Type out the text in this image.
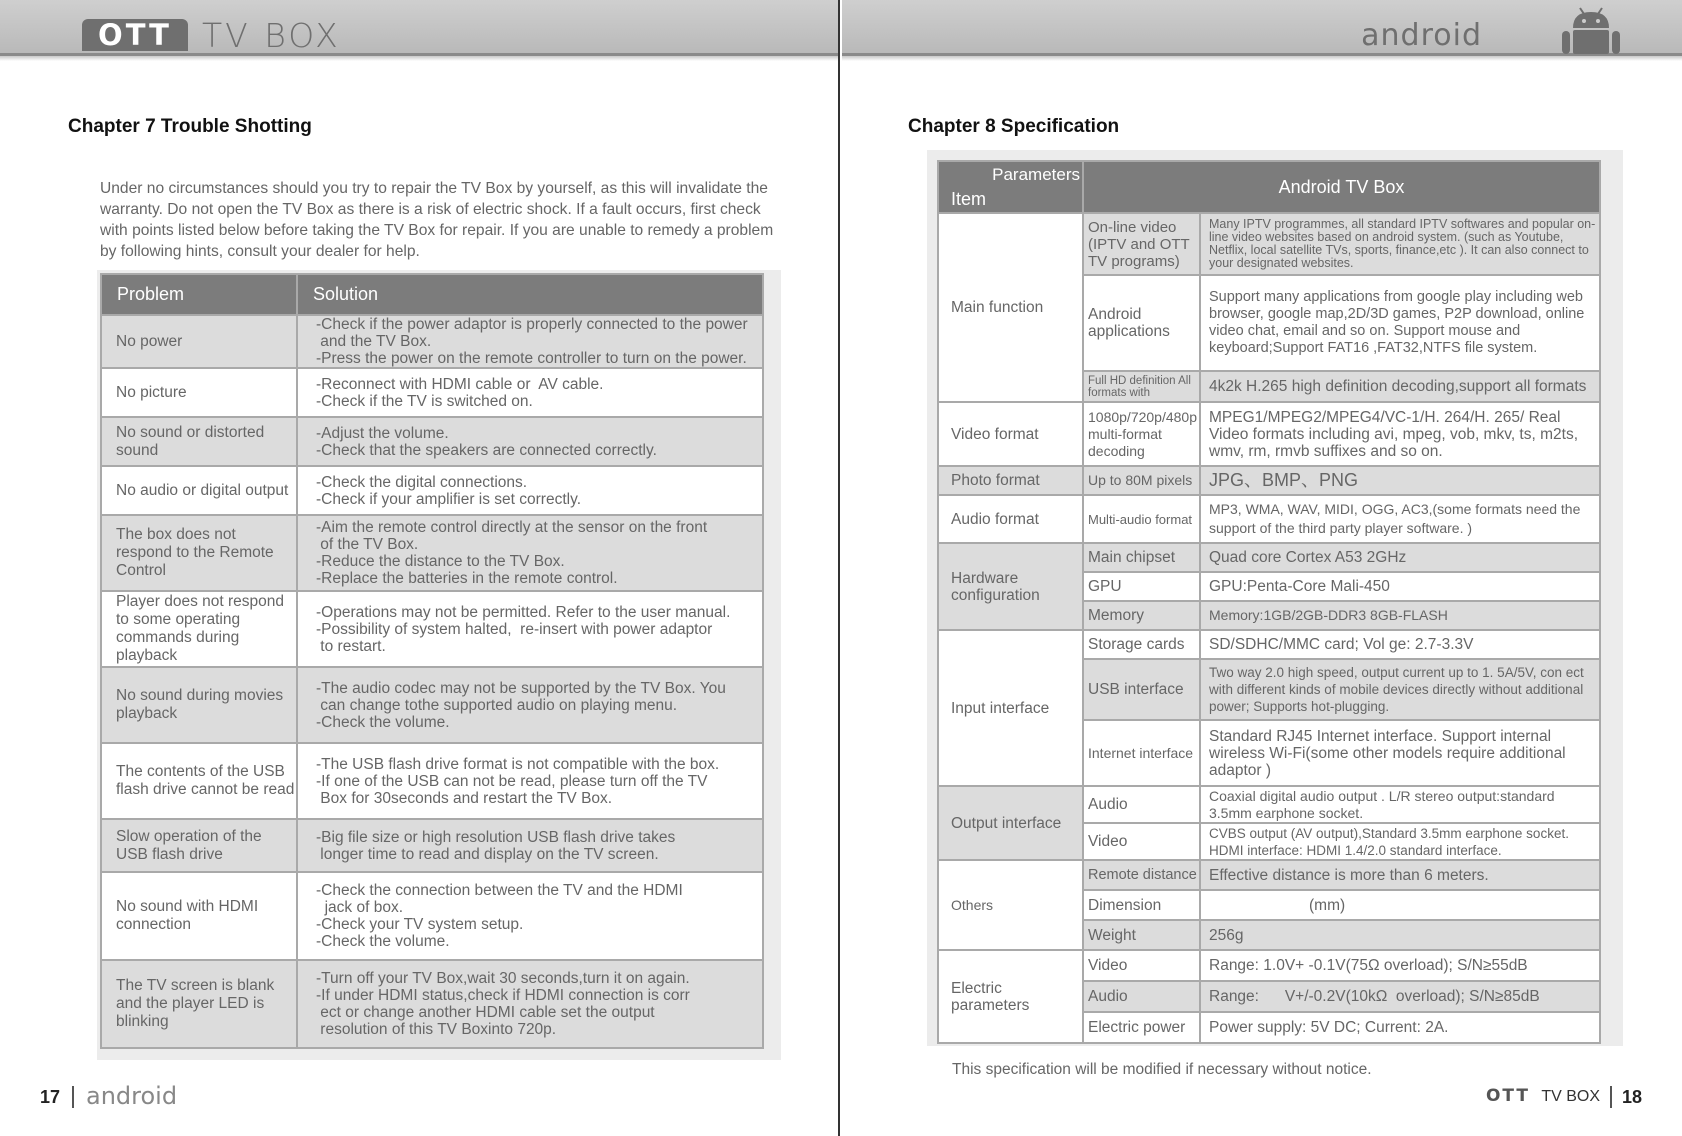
OTT TV BOX
Chapter 7 Trouble Shotting
Under no circumstances should you try to repair the TV Box by yourself, as this will invalidate the warranty. Do not open the TV Box as there is a risk of electric shock. If a fault occurs, first check with points listed below before taking the TV Box for repair. If you are unable to remedy a problem by following hints, consult your dealer for help.
Problem	Solution
No power	-Check if the power adaptor is properly connected to the power
and the TV Box.
-Press the power on the remote controller to turn on the power.

No picture	-Reconnect with HDMI cable or  AV cable.
-Check if the TV is switched on.

No sound or distorted sound	-Adjust the volume.
-Check that the speakers are connected correctly.

No audio or digital output	-Check the digital connections.
-Check if your amplifier is set correctly.

The box does not respond to the Remote Control	-Aim the remote control directly at the sensor on the front
of the TV Box.
-Reduce the distance to the TV Box.
-Replace the batteries in the remote control.

Player does not respond to some operating commands during playback	-Operations may not be permitted. Refer to the user manual.
-Possibility of system halted,  re-insert with power adaptor
to restart.

No sound during movies playback	-The audio codec may not be supported by the TV Box. You
can change tothe supported audio on playing menu.
-Check the volume.

The contents of the USB flash drive cannot be read	-The USB flash drive format is not compatible with the box.
-If one of the USB can not be read, please turn off the TV
Box for 30seconds and restart the TV Box.

Slow operation of the USB flash drive	-Big file size or high resolution USB flash drive takes
longer time to read and display on the TV screen.

No sound with HDMI connection	-Check the connection between the TV and the HDMI
jack of box.
-Check your TV system setup.
-Check the volume.

The TV screen is blank and the player LED is blinking	-Turn off your TV Box,wait 30 seconds,turn it on again.
-If under HDMI status,check if HDMI connection is corr
ect or change another HDMI cable set the output
resolution of this TV Boxinto 720p.
17 android
android
Chapter 8 Specification
Parameters
Item	Android TV Box	
Main function	On-line video (IPTV and OTT TV programs)	Many IPTV programmes, all standard IPTV softwares and popular on-line video websites based on android system. (such as Youtube, Netflix, local satellite TVs, sports, finance,etc ). It can also connect to your designated websites.
	Android applications	Support many applications from google play including web browser, google map,2D/3D games, P2P download, online video chat, email and so on. Support mouse and keyboard;Support FAT16 ,FAT32,NTFS file system.
	Full HD definition All formats with	4k2k H.265 high definition decoding,support all formats
Video format	1080p/720p/480p multi-format decoding	MPEG1/MPEG2/MPEG4/VC-1/H. 264/H. 265/ Real Video formats including avi, mpeg, vob, mkv, ts, m2ts, wmv, rm, rmvb suffixes and so on.
Photo format	Up to 80M pixels	JPG、BMP、PNG
Audio format	Multi-audio format	MP3, WMA, WAV, MIDI, OGG, AC3,(some formats need the support of the third party player software. )
Hardware configuration	Main chipset	Quad core Cortex A53 2GHz
	GPU	GPU:Penta-Core Mali-450
	Memory	Memory:1GB/2GB-DDR3 8GB-FLASH
Input interface	Storage cards	SD/SDHC/MMC card; Vol ge: 2.7-3.3V
	USB interface	Two way 2.0 high speed, output current up to 1. 5A/5V, con ect with different kinds of mobile devices directly without additional power; Supports hot-plugging.
	Internet interface	Standard RJ45 Internet interface. Support internal wireless Wi-Fi(some other models require additional adaptor )
Output interface	Audio	Coaxial digital audio output . L/R stereo output:standard 3.5mm earphone socket.
	Video	CVBS output (AV output),Standard 3.5mm earphone socket. HDMI interface: HDMI 1.4/2.0 standard interface.
Others	Remote distance	Effective distance is more than 6 meters.
	Dimension	(mm)
	Weight	256g
Electric parameters	Video	Range: 1.0V+ -0.1V(75Ω overload); S/N≥55dB
	Audio	Range:      V+/-0.2V(10kΩ  overload); S/N≥85dB
	Electric power	Power supply: 5V DC; Current: 2A.
This specification will be modified if necessary without notice.
OTT TV BOX 18
